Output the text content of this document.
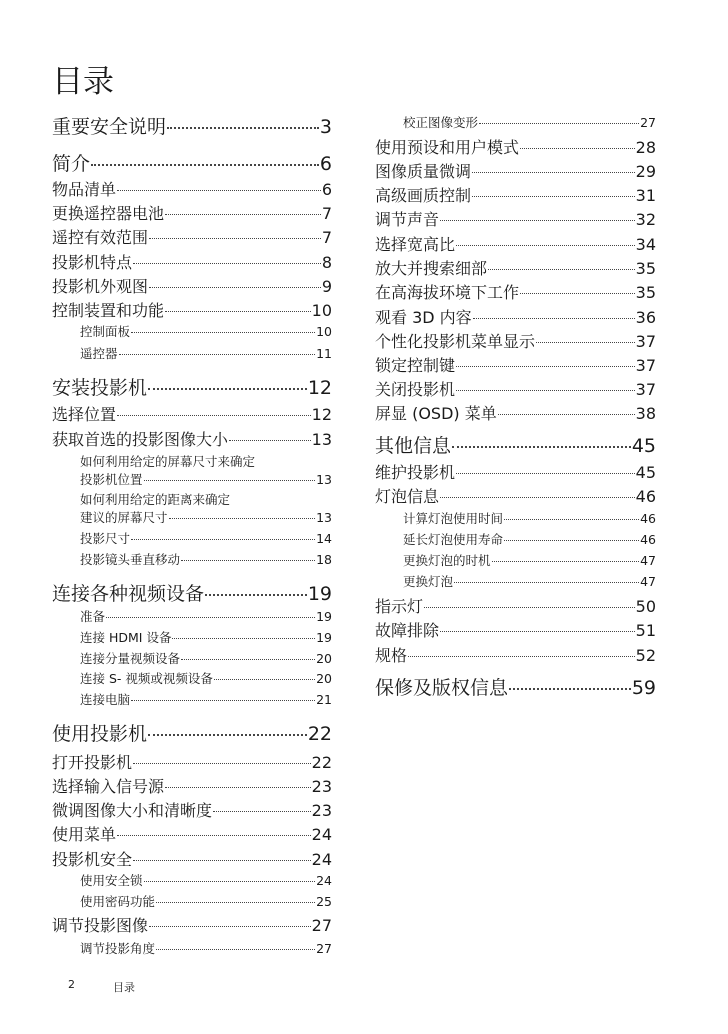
目录
重要安全说明	3
简介	6
物品清单	6
更换遥控器电池	7
遥控有效范围	7
投影机特点	8
投影机外观图	9
控制装置和功能	10
控制面板	10
遥控器	11
安装投影机	12
选择位置	12
获取首选的投影图像大小	13
如何利用给定的屏幕尺寸来确定
投影机位置	13
如何利用给定的距离来确定
建议的屏幕尺寸	13
投影尺寸	14
投影镜头垂直移动	18
连接各种视频设备	19
准备	19
连接 HDMI 设备	19
连接分量视频设备	20
连接 S- 视频或视频设备	20
连接电脑	21
使用投影机	22
打开投影机	22
选择输入信号源	23
微调图像大小和清晰度	23
使用菜单	24
投影机安全	24
使用安全锁	24
使用密码功能	25
调节投影图像	27
调节投影角度	27
校正图像变形	27
使用预设和用户模式	28
图像质量微调	29
高级画质控制	31
调节声音	32
选择宽高比	34
放大并搜索细部	35
在高海拔环境下工作	35
观看 3D 内容	36
个性化投影机菜单显示	37
锁定控制键	37
关闭投影机	37
屏显 (OSD) 菜单	38
其他信息	45
维护投影机	45
灯泡信息	46
计算灯泡使用时间	46
延长灯泡使用寿命	46
更换灯泡的时机	47
更换灯泡	47
指示灯	50
故障排除	51
规格	52
保修及版权信息	59
2	目录
